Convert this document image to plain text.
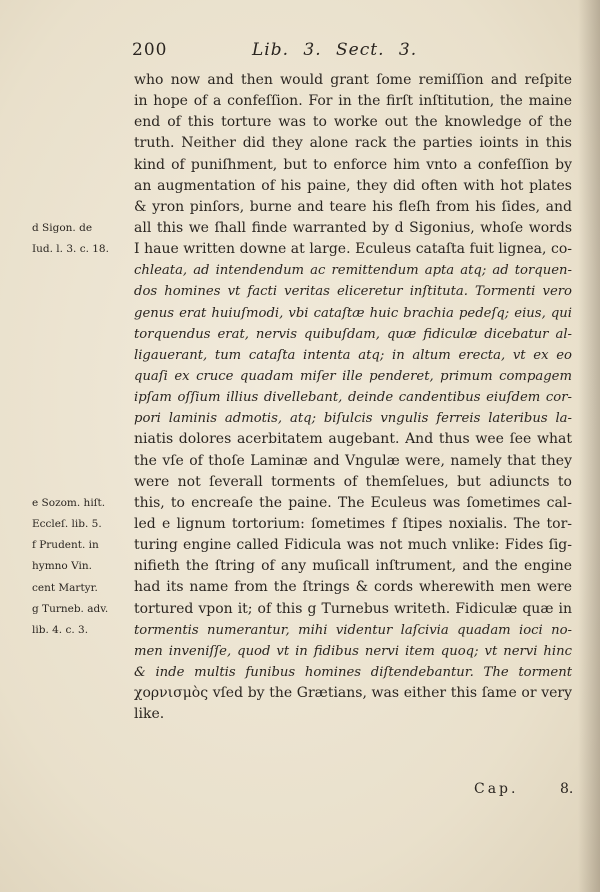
200	Lib. 3. Sect. 3.
who now and then would grant ſome remiſſion and reſpite
in hope of a confeſſion. For in the firſt inſtitution, the maine
end of this torture was to worke out the knowledge of the
truth. Neither did they alone rack the parties ioints in this
kind of puniſhment, but to enforce him vnto a confeſſion by
an augmentation of his paine, they did often with hot plates
& yron pinſors, burne and teare his fleſh from his ſides, and
all this we ſhall finde warranted by d Sigonius, whoſe words
I haue written downe at large. Eculeus cataſta fuit lignea, co-
chleata, ad intendendum ac remittendum apta atq; ad torquen-
dos homines vt facti veritas eliceretur inſtituta. Tormenti vero
genus erat huiuſmodi, vbi cataſtæ huic brachia pedeſq; eius, qui
torquendus erat, nervis quibuſdam, quæ fidiculæ dicebatur al-
ligauerant, tum cataſta intenta atq; in altum erecta, vt ex eo
quaſi ex cruce quadam miſer ille penderet, primum compagem
ipſam oſſium illius divellebant, deinde candentibus eiuſdem cor-
pori laminis admotis, atq; biſulcis vngulis ferreis lateribus la-
niatis dolores acerbitatem augebant. And thus wee ſee what
the vſe of thoſe Laminæ and Vngulæ were, namely that they
were not ſeverall torments of themſelues, but adiuncts to
this, to encreaſe the paine. The Eculeus was ſometimes cal-
led e lignum tortorium: ſometimes f ſtipes noxialis. The tor-
turing engine called Fidicula was not much vnlike: Fides ſig-
nifieth the ſtring of any muſicall inſtrument, and the engine
had its name from the ſtrings & cords wherewith men were
tortured vpon it; of this g Turnebus writeth. Fidiculæ quæ in
tormentis numerantur, mihi videntur laſcivia quadam ioci no-
men inveniſſe, quod vt in fidibus nervi item quoq; vt nervi hinc
& inde multis funibus homines diſtendebantur. The torment
χορνισμὸς vſed by the Grætians, was either this ſame or very
like.
d Sigon. de
Iud. l. 3. c. 18.
e Sozom. hiſt.
Eccleſ. lib. 5.
f Prudent. in
hymno Vin.
cent Martyr.
g Turneb. adv.
lib. 4. c. 3.
Cap.	8.
